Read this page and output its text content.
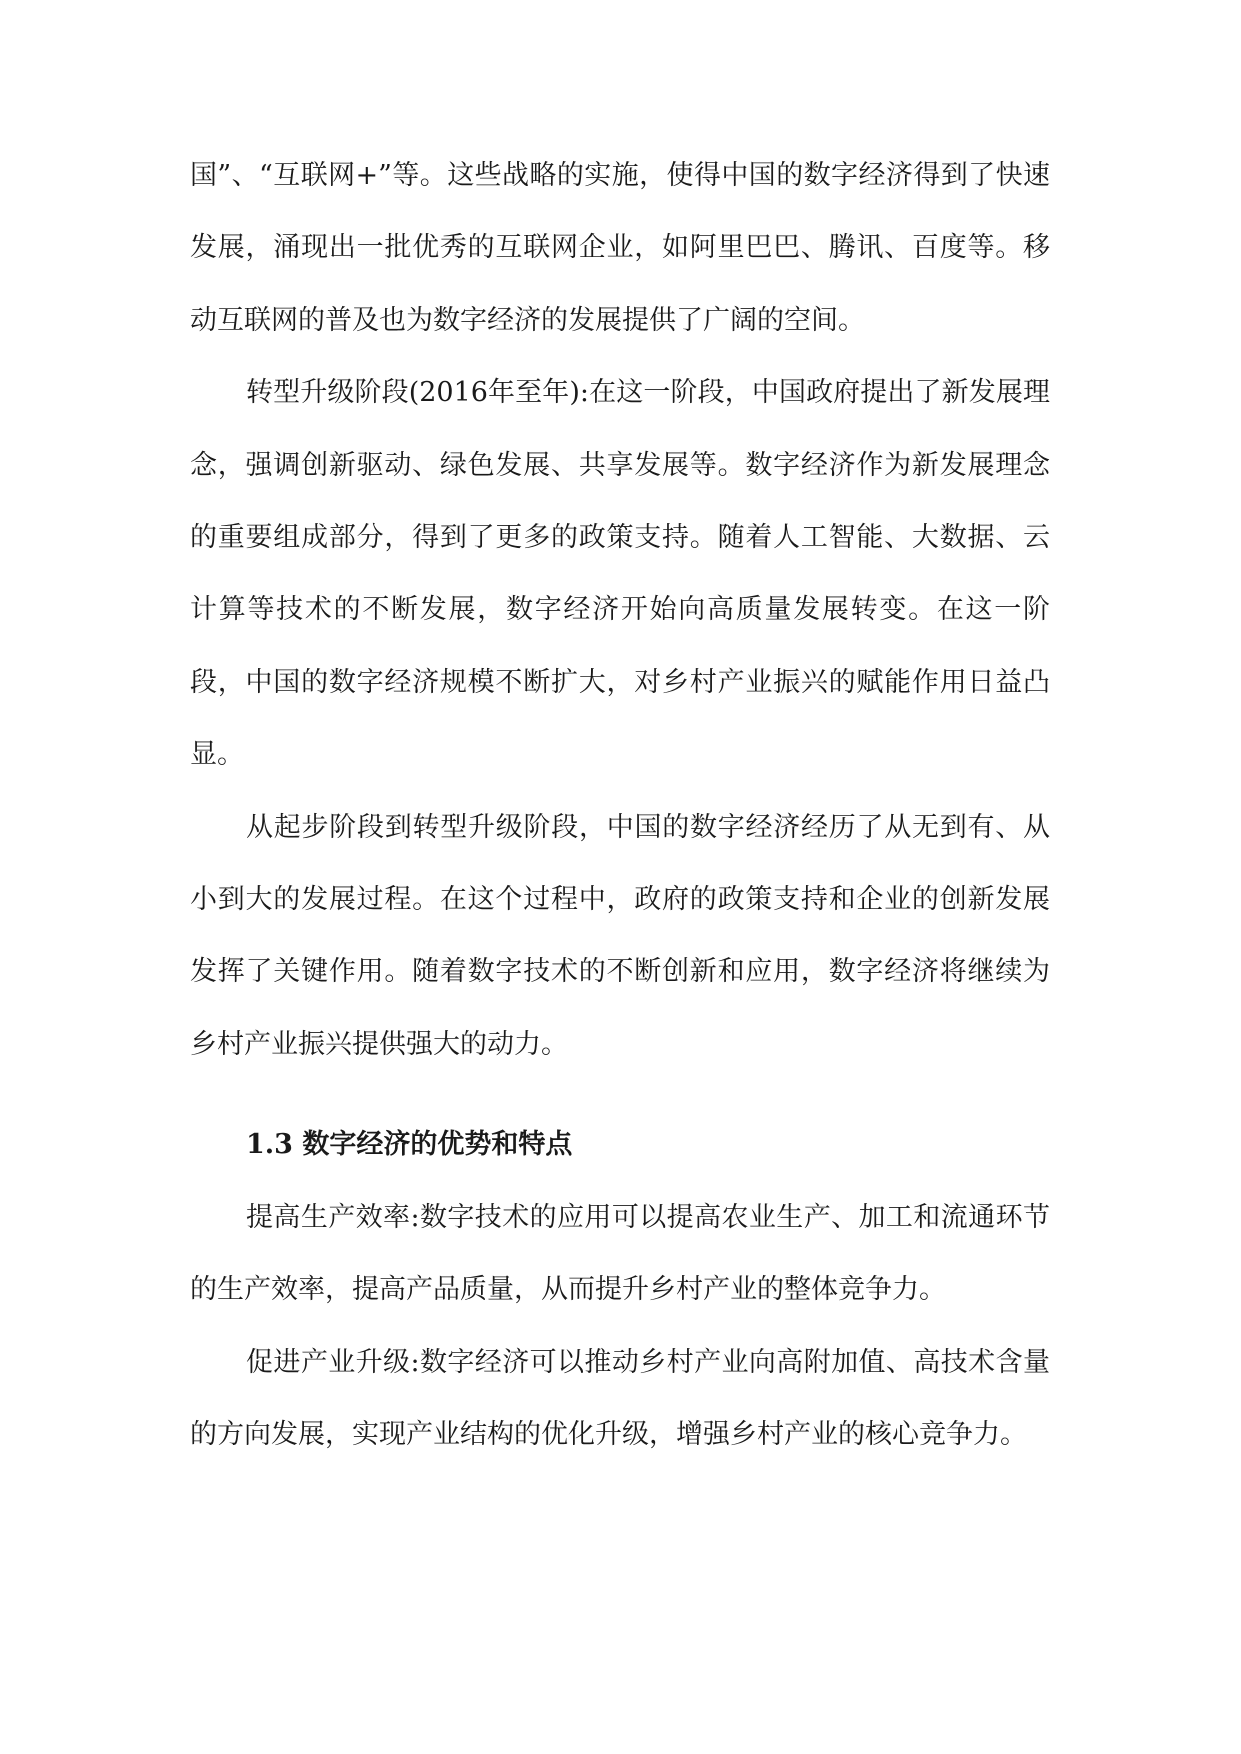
国”、“互联网+”等。这些战略的实施，使得中国的数字经济得到了快速发展，涌现出一批优秀的互联网企业，如阿里巴巴、腾讯、百度等。移动互联网的普及也为数字经济的发展提供了广阔的空间。

转型升级阶段(2016年至年):在这一阶段，中国政府提出了新发展理念，强调创新驱动、绿色发展、共享发展等。数字经济作为新发展理念的重要组成部分，得到了更多的政策支持。随着人工智能、大数据、云计算等技术的不断发展，数字经济开始向高质量发展转变。在这一阶段，中国的数字经济规模不断扩大，对乡村产业振兴的赋能作用日益凸显。

从起步阶段到转型升级阶段，中国的数字经济经历了从无到有、从小到大的发展过程。在这个过程中，政府的政策支持和企业的创新发展发挥了关键作用。随着数字技术的不断创新和应用，数字经济将继续为乡村产业振兴提供强大的动力。

1.3 数字经济的优势和特点

提高生产效率:数字技术的应用可以提高农业生产、加工和流通环节的生产效率，提高产品质量，从而提升乡村产业的整体竞争力。

促进产业升级:数字经济可以推动乡村产业向高附加值、高技术含量的方向发展，实现产业结构的优化升级，增强乡村产业的核心竞争力。
